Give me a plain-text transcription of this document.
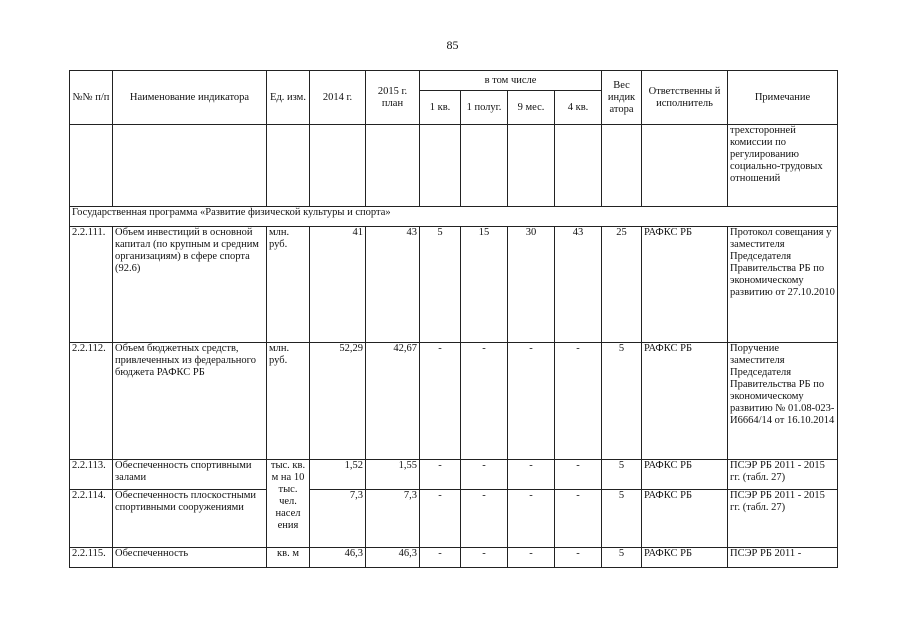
85
№№ п/п	Наименование индикатора	Ед. изм.	2014 г.	2015 г. план	в том числе				Вес индик атора	Ответственны й исполнитель	Примечание
					1 кв.	1 полуг.	9 мес.	4 кв.			
											трехсторонней комиссии по регулированию социально-трудовых отношений
Государственная программа «Развитие физической культуры и спорта»											
2.2.111.	Объем инвестиций в основной капитал (по крупным и средним организациям) в сфере спорта (92.6)	млн. руб.	41	43	5	15	30	43	25	РАФКС РБ	Протокол совещания у заместителя Председателя Правительства РБ по экономическому развитию от 27.10.2010
2.2.112.	Объем бюджетных средств, привлеченных из федерального бюджета РАФКС РБ	млн. руб.	52,29	42,67	-	-	-	-	5	РАФКС РБ	Поручение заместителя Председателя Правительства РБ по экономическому развитию № 01.08-023-И6664/14 от 16.10.2014
2.2.113.	Обеспеченность спортивными залами	тыс. кв. м на 10 тыс. чел. насел ения	1,52	1,55	-	-	-	-	5	РАФКС РБ	ПСЭР РБ 2011 - 2015 гг. (табл. 27)
2.2.114.	Обеспеченность плоскостными спортивными сооружениями		7,3	7,3	-	-	-	-	5	РАФКС РБ	ПСЭР РБ 2011 - 2015 гг. (табл. 27)
2.2.115.	Обеспеченность	кв. м	46,3	46,3	-	-	-	-	5	РАФКС РБ	ПСЭР РБ 2011 -
